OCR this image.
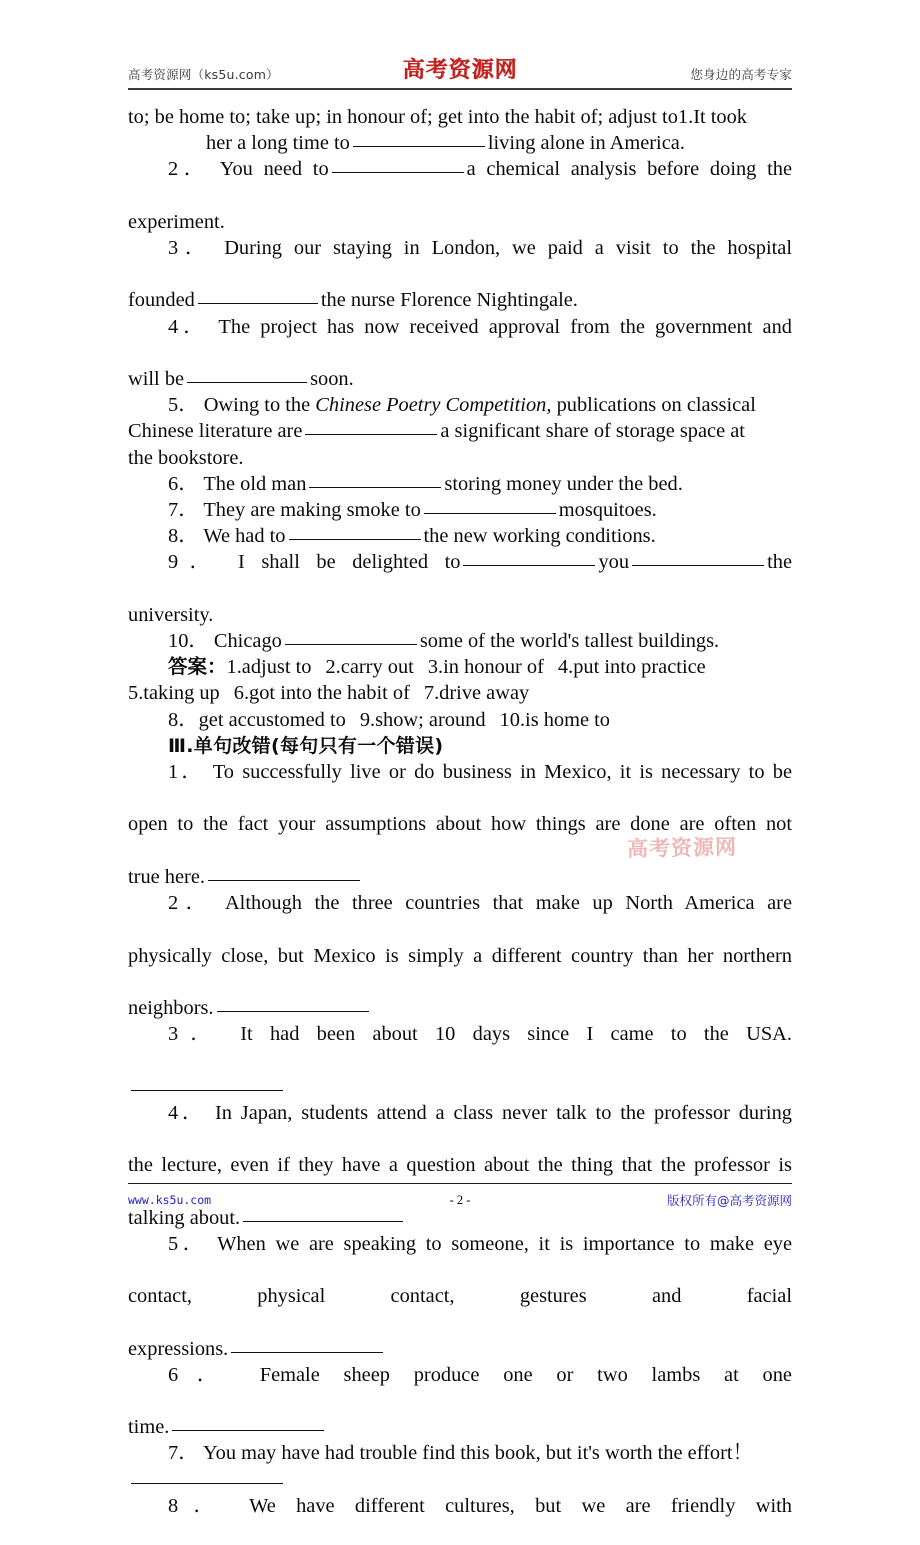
高考资源网（ks5u.com）	高考资源网	您身边的高考专家

to; be home to; take up; in honour of; get into the habit of; adjust to1.It took

her a long time to	living alone in America.

2． You need to	a chemical analysis before doing the

experiment.

3． During our staying in London, we paid a visit to the hospital

founded	the nurse Florence Nightingale.

4． The project has now received approval from the government and

will be	soon.

5． Owing to the Chinese Poetry Competition, publications on classical

Chinese literature are	a significant share of storage space at

the bookstore.

6． The old man	storing money under the bed.

7． They are making smoke to	mosquitoes.

8． We had to	the new working conditions.

9． I shall be delighted to	you	the

university.

10． Chicago	some of the world's tallest buildings.

答案：1.adjust to 2.carry out 3.in honour of 4.put into practice

5.taking up 6.got into the habit of 7.drive away

8．get accustomed to 9.show; around 10.is home to

Ⅲ.单句改错(每句只有一个错误)

1． To successfully live or do business in Mexico, it is necessary to be

open to the fact your assumptions about how things are done are often not

true here.

2． Although the three countries that make up North America are

physically close, but Mexico is simply a different country than her northern

neighbors.

3． It had been about 10 days since I came to the USA.

4． In Japan, students attend a class never talk to the professor during

the lecture, even if they have a question about the thing that the professor is

talking about.

5． When we are speaking to someone, it is importance to make eye

contact, physical contact, gestures and facial

expressions.

6． Female sheep produce one or two lambs at one

time.

7． You may have had trouble find this book, but it's worth the effort！

8． We have different cultures, but we are friendly with

高考资源网
www.ks5u.com	- 2 -	版权所有@高考资源网
